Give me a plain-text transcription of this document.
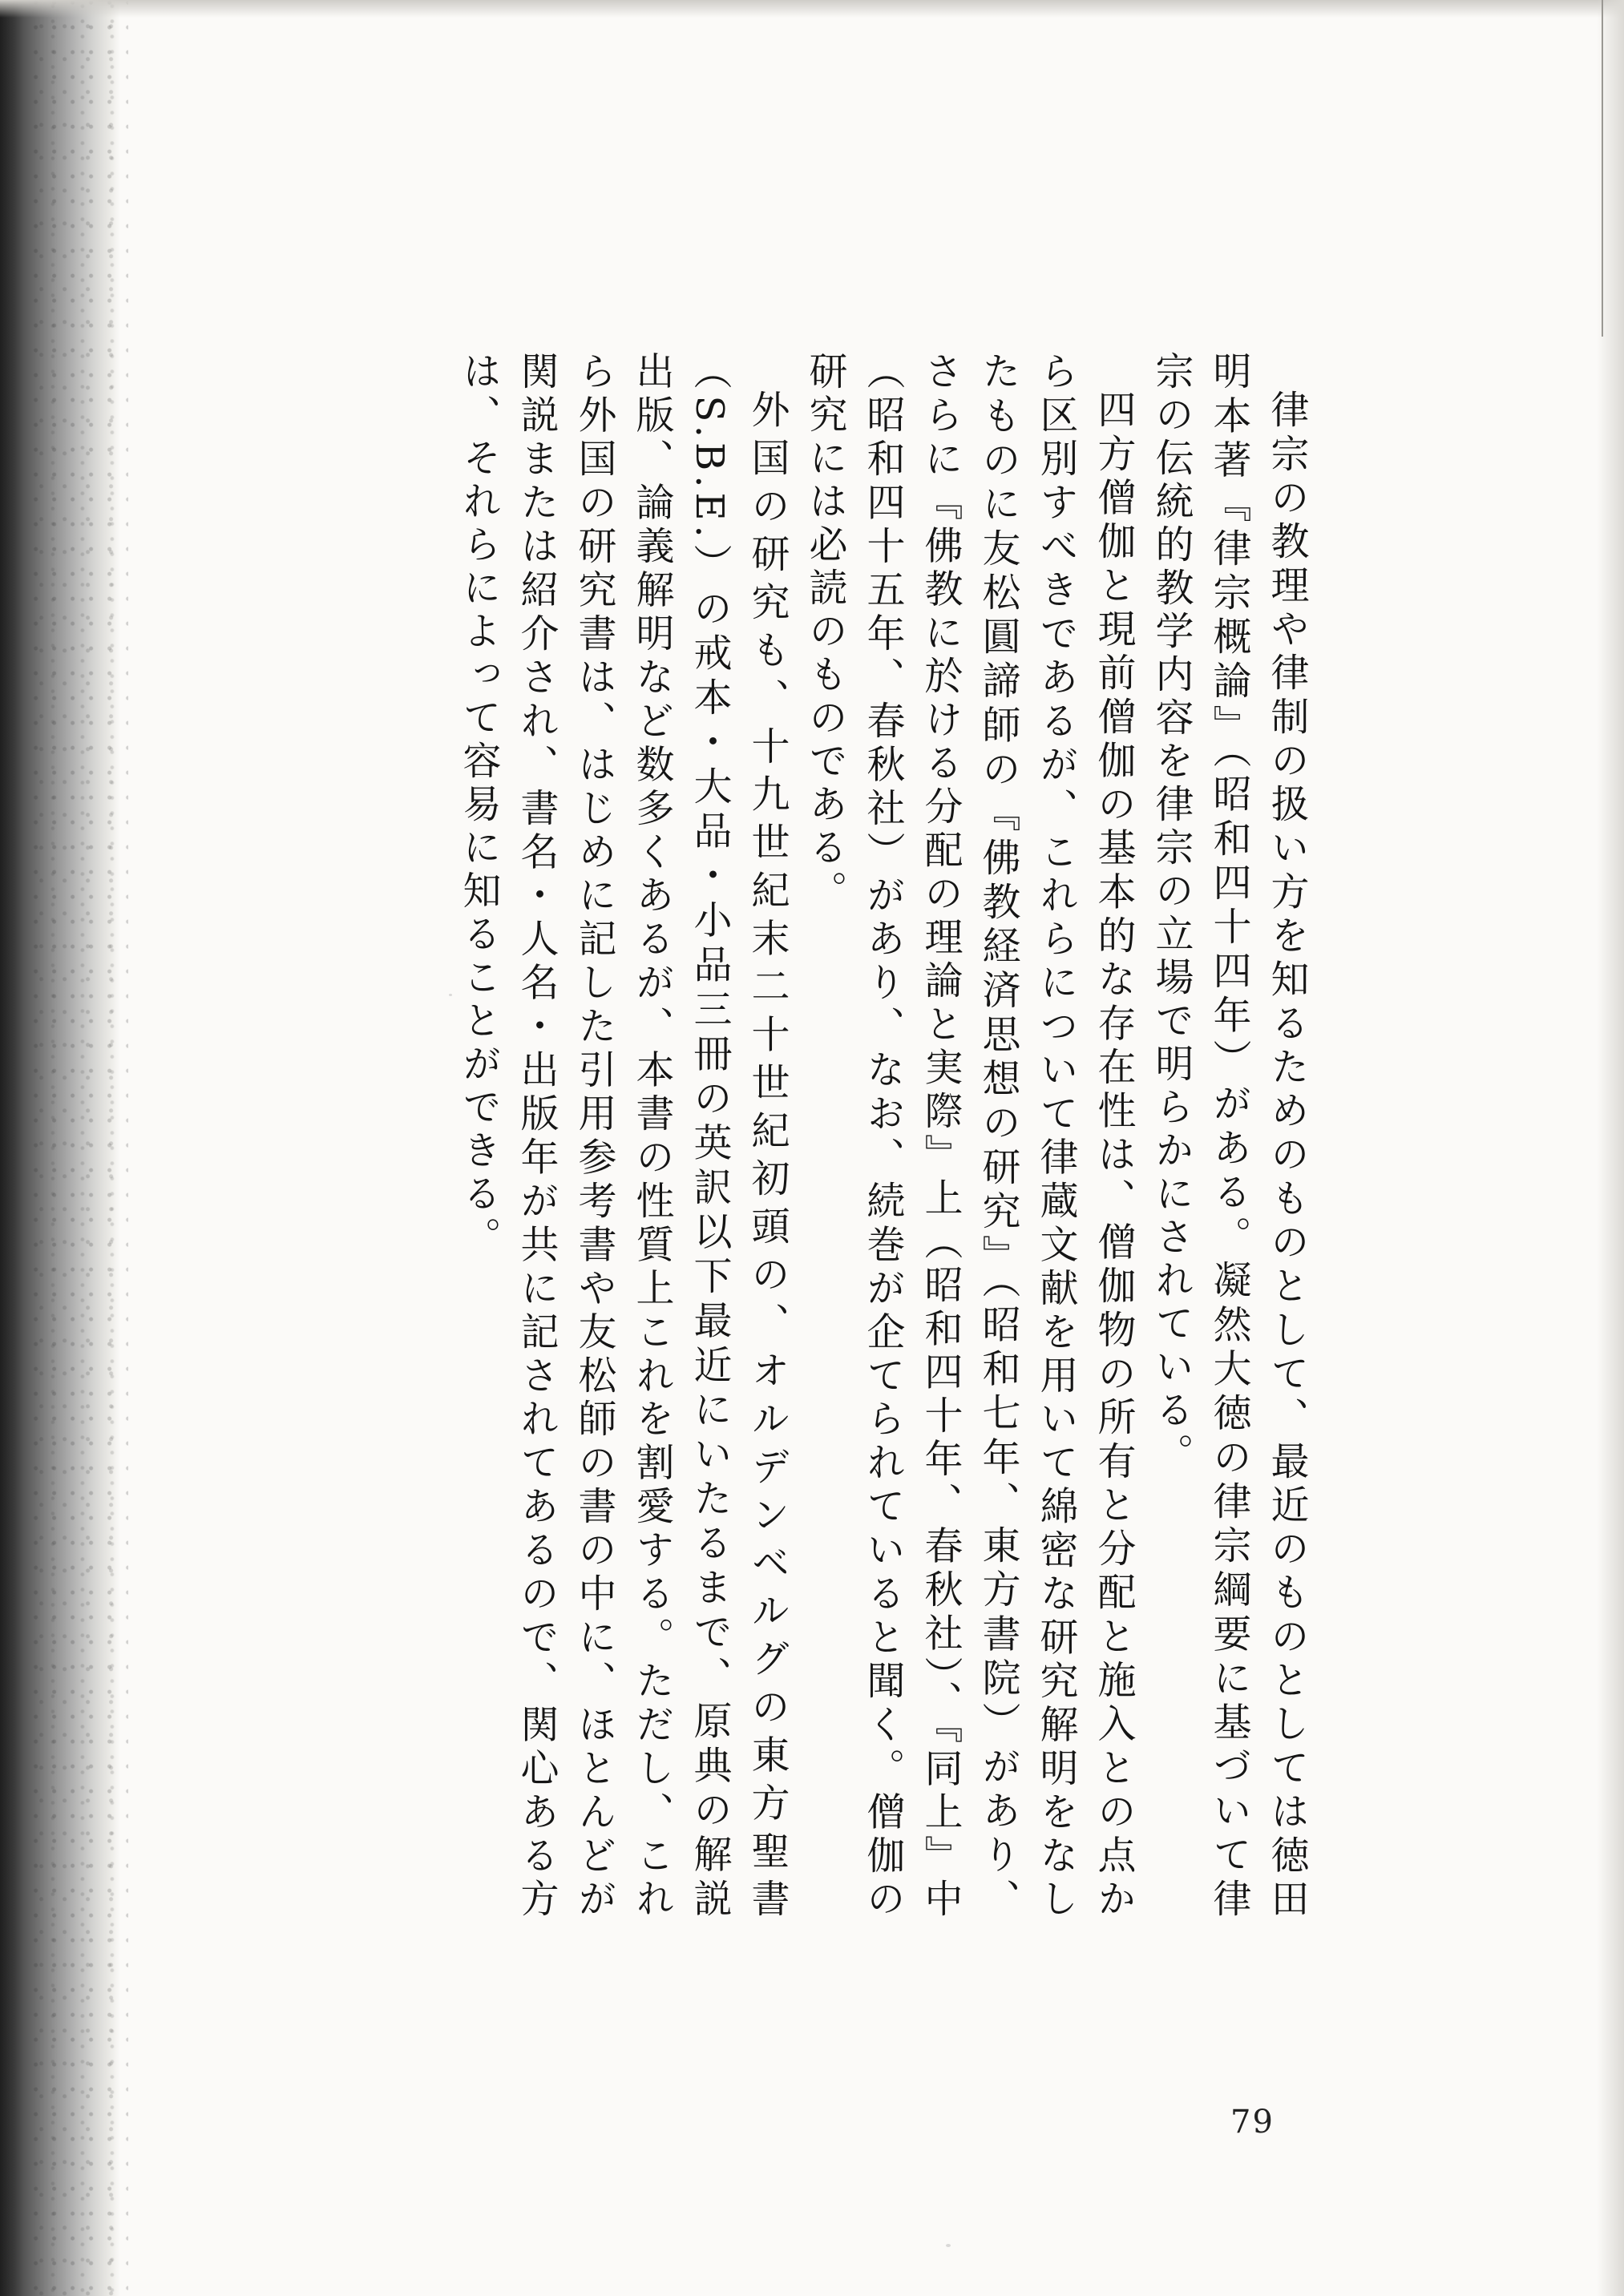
律宗の教理や律制の扱い方を知るためのものとして、最近のものとしては徳田明本著『律宗概論』（昭和四十四年）がある。凝然大徳の律宗綱要に基づいて律宗の伝統的教学内容を律宗の立場で明らかにされている。

四方僧伽と現前僧伽の基本的な存在性は、僧伽物の所有と分配と施入との点から区別すべきであるが、これらについて律蔵文献を用いて綿密な研究解明をなしたものに友松圓諦師の『佛教経済思想の研究』（昭和七年、東方書院）があり、さらに『佛教に於ける分配の理論と実際』上（昭和四十年、春秋社）、『同上』中（昭和四十五年、春秋社）があり、なお、続巻が企てられていると聞く。僧伽の研究には必読のものである。

外国の研究も、十九世紀末二十世紀初頭の、オルデンベルグの東方聖書（S.B.E.）の戒本・大品・小品三冊の英訳以下最近にいたるまで、原典の解説出版、論義解明など数多くあるが、本書の性質上これを割愛する。ただし、これら外国の研究書は、はじめに記した引用参考書や友松師の書の中に、ほとんどが関説または紹介され、書名・人名・出版年が共に記されてあるので、関心ある方は、それらによって容易に知ることができる。

79
